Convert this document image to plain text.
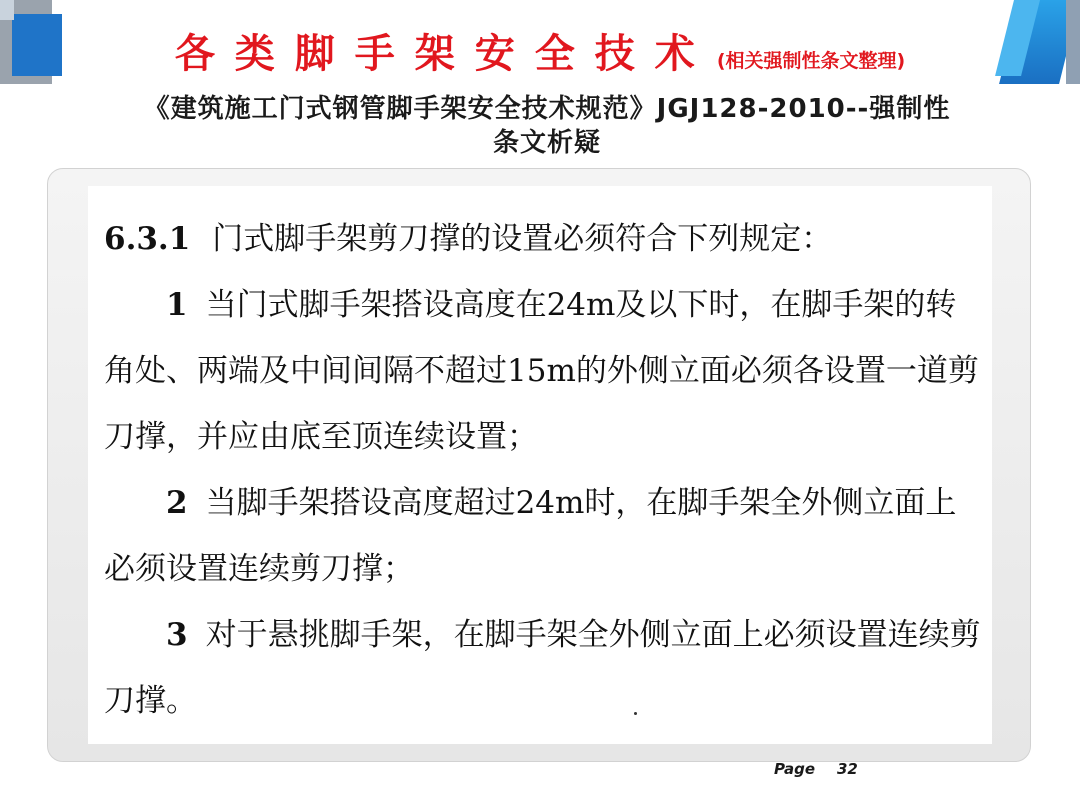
各类脚手架安全技术 (相关强制性条文整理)
《建筑施工门式钢管脚手架安全技术规范》JGJ128-2010--强制性
条文析疑

6.3.1 门式脚手架剪刀撑的设置必须符合下列规定：

1 当门式脚手架搭设高度在24m及以下时，在脚手架的转角处、两端及中间间隔不超过15m的外侧立面必须各设置一道剪刀撑，并应由底至顶连续设置；

2 当脚手架搭设高度超过24m时，在脚手架全外侧立面上必须设置连续剪刀撑；

3 对于悬挑脚手架，在脚手架全外侧立面上必须设置连续剪刀撑。

Page 32
